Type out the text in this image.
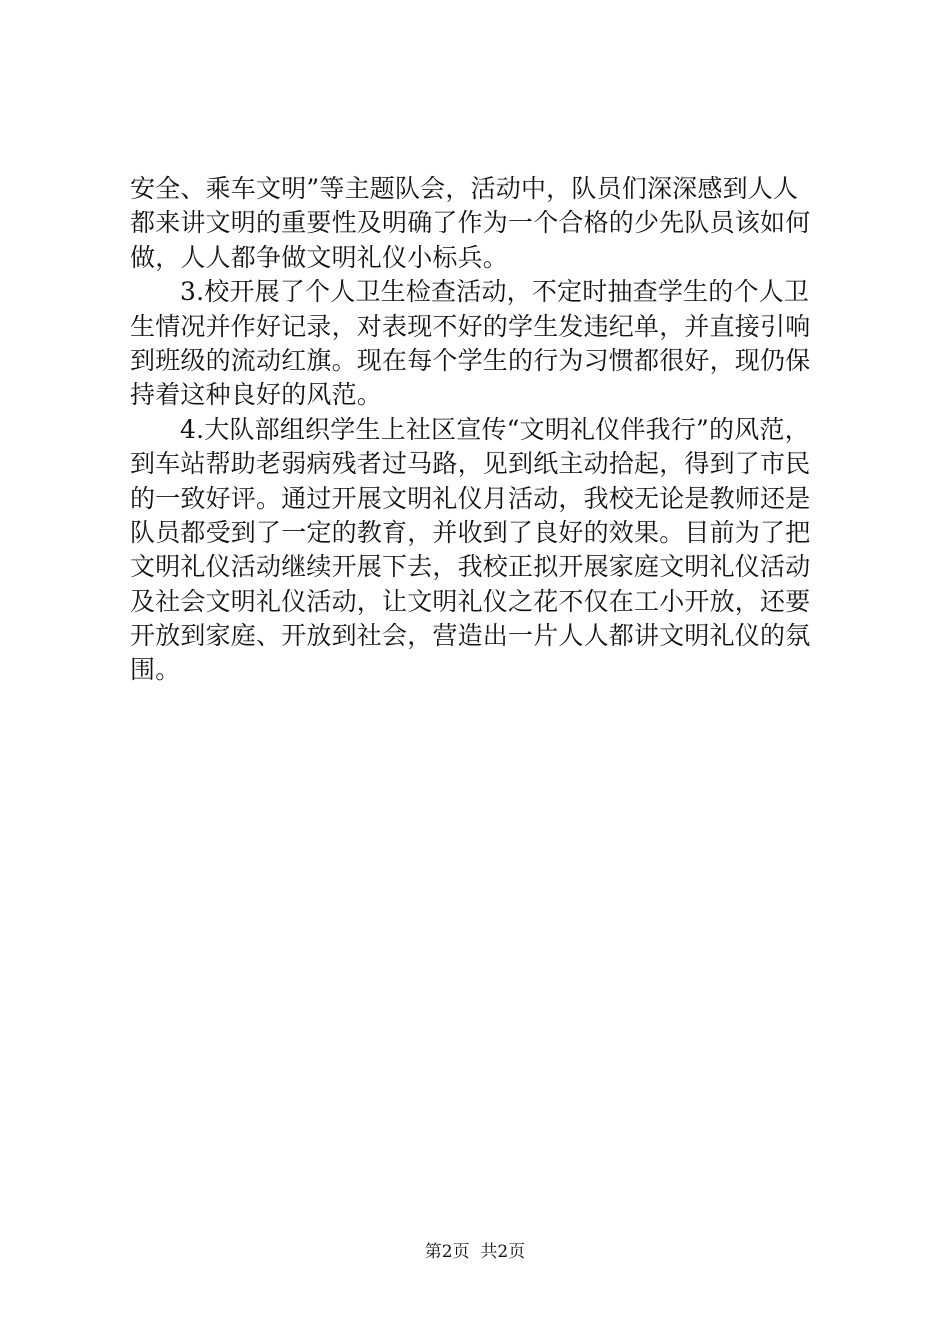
安全、乘车文明”等主题队会，活动中，队员们深深感到人人
都来讲文明的重要性及明确了作为一个合格的少先队员该如何
做，人人都争做文明礼仪小标兵。
3.校开展了个人卫生检查活动，不定时抽查学生的个人卫
生情况并作好记录，对表现不好的学生发违纪单，并直接引响
到班级的流动红旗。现在每个学生的行为习惯都很好，现仍保
持着这种良好的风范。
4.大队部组织学生上社区宣传“文明礼仪伴我行”的风范，
到车站帮助老弱病残者过马路，见到纸主动拾起，得到了市民
的一致好评。通过开展文明礼仪月活动，我校无论是教师还是
队员都受到了一定的教育，并收到了良好的效果。目前为了把
文明礼仪活动继续开展下去，我校正拟开展家庭文明礼仪活动
及社会文明礼仪活动，让文明礼仪之花不仅在工小开放，还要
开放到家庭、开放到社会，营造出一片人人都讲文明礼仪的氛
围。
第2页  共2页
